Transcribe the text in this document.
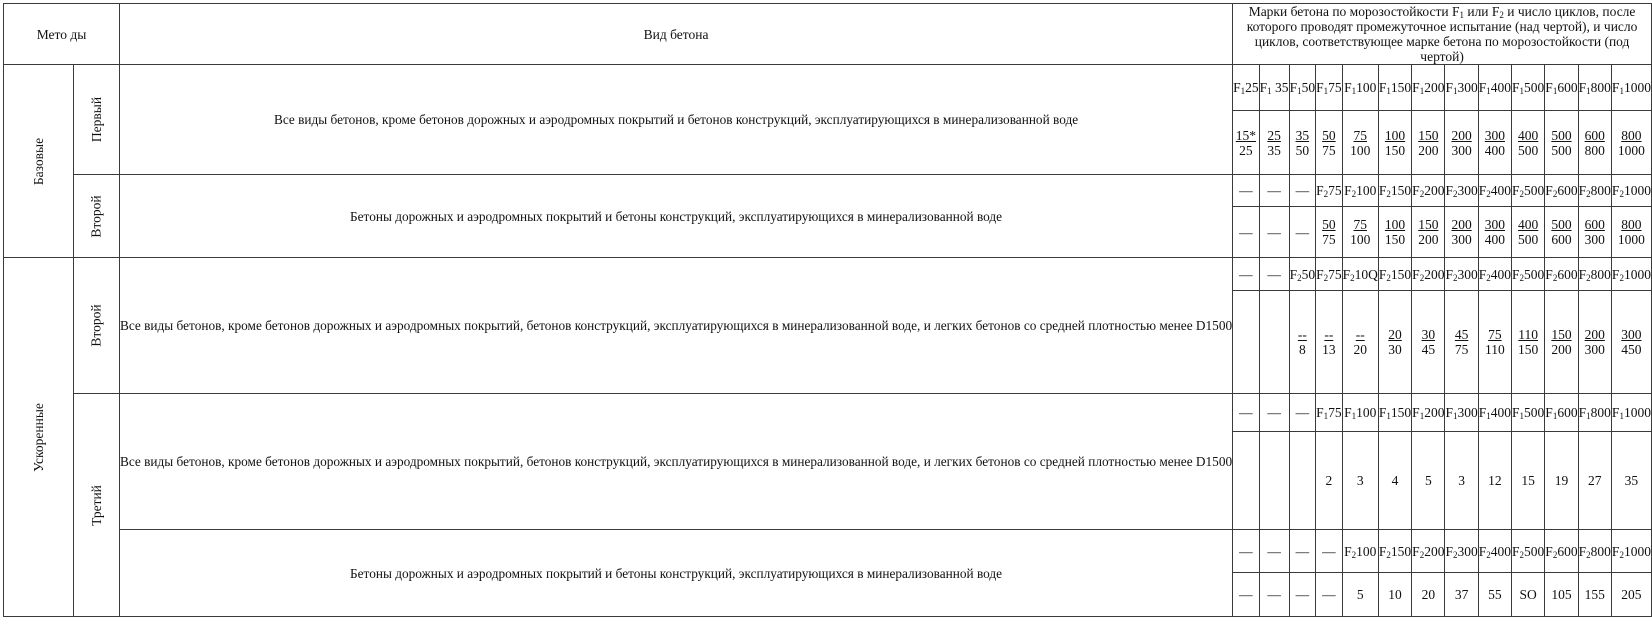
Мето ды		Вид бетона	Марки бетона по морозостойкости $F_1$ или $F_2$ и число циклов, после которого проводят промежуточное испытание (над чертой), и число циклов, соответствующее марке бетона по морозостойкости (под чертой)												
Базовые	Первый	Все виды бетонов, кроме бетонов дорожных и аэродромных покрытий и бетонов конструкций, эксплуатирующихся в минерализованной воде	$F_125$	$F_1$ 35	$F_150$	$F_175$	$F_1100$	$F_1150$	$F_1200$	$F_1300$	$F_1400$	$F_1500$	$F_1600$	$F_1800$	$F_11000$

			$\frac{15*}{25}$	$\frac{25}{35}$	$\frac{35}{50}$	$\frac{50}{75}$	$\frac{75}{100}$	$\frac{100}{150}$	$\frac{150}{200}$	$\frac{200}{300}$	$\frac{300}{400}$	$\frac{400}{500}$	$\frac{500}{500}$	$\frac{600}{800}$	$\frac{800}{1000}$

	Второй	Бетоны дорожных и аэродромных покрытий и бетоны конструкций, эксплуатирующихся в минерализованной воде	—	—	—	$F_275$	$F_2100$	$F_2150$	$F_2200$	$F_2300$	$F_2400$	$F_2500$	$F_2600$	$F_2800$	$F_21000$
			—	—	—	$\frac{50}{75}$	$\frac{75}{100}$	$\frac{100}{150}$	$\frac{150}{200}$	$\frac{200}{300}$	$\frac{300}{400}$	$\frac{400}{500}$	$\frac{500}{600}$	$\frac{600}{300}$	$\frac{800}{1000}$

Ускоренные	Второй	Все виды бетонов, кроме бетонов дорожных и аэродромных покрытий, бетонов конструкций, эксплуатирующихся в минерализованной воде, и легких бетонов со средней плотностью менее D1500	—	—	$F_250$	$F_275$	$F_210Q$	$F_2150$	$F_2200$	$F_2300$	$F_2400$	$F_2500$	$F_2600$	$F_2800$	$F_21000$

					$\frac{--}{8}$	$\frac{--}{13}$	$\frac{--}{20}$	$\frac{20}{30}$	$\frac{30}{45}$	$\frac{45}{75}$	$\frac{75}{110}$	$\frac{110}{150}$	$\frac{150}{200}$	$\frac{200}{300}$	$\frac{300}{450}$

	Третий	Все виды бетонов, кроме бетонов дорожных и аэродромных покрытий, бетонов конструкций, эксплуатирующихся в минерализованной воде, и легких бетонов со средней плотностью менее D1500	—	—	—	$F_175$	$F_1100$	$F_1150$	$F_1200$	$F_1300$	$F_1400$	$F_1500$	$F_1600$	$F_1800$	$F_11000$
						2	3	4	5	3	12	15	19	27	35
		Бетоны дорожных и аэродромных покрытий и бетоны конструкций, эксплуатирующихся в минерализованной воде	—	—	—	—	$F_2100$	$F_2150$	$F_2200$	$F_2300$	$F_2400$	$F_2500$	$F_2600$	$F_2800$	$F_21000$
			—	—	—	—	5	10	20	37	55	SO	105	155	205
